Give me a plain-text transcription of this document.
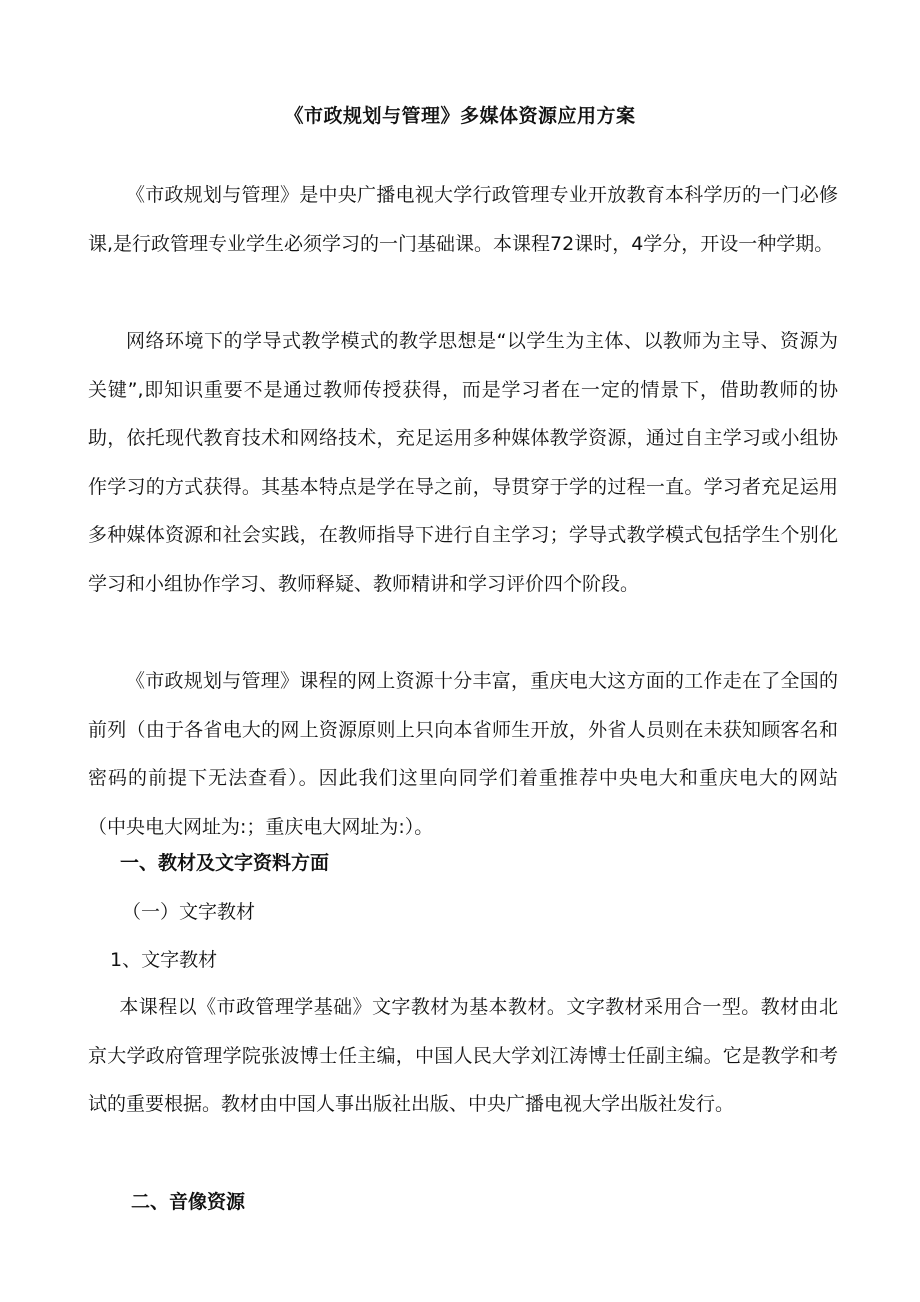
《市政规划与管理》多媒体资源应用方案

《市政规划与管理》是中央广播电视大学行政管理专业开放教育本科学历的一门必修课,是行政管理专业学生必须学习的一门基础课。本课程72课时，4学分，开设一种学期。

网络环境下的学导式教学模式的教学思想是“以学生为主体、以教师为主导、资源为关键”,即知识重要不是通过教师传授获得，而是学习者在一定的情景下，借助教师的协助，依托现代教育技术和网络技术，充足运用多种媒体教学资源，通过自主学习或小组协作学习的方式获得。其基本特点是学在导之前，导贯穿于学的过程一直。学习者充足运用多种媒体资源和社会实践，在教师指导下进行自主学习；学导式教学模式包括学生个别化学习和小组协作学习、教师释疑、教师精讲和学习评价四个阶段。

《市政规划与管理》课程的网上资源十分丰富，重庆电大这方面的工作走在了全国的前列（由于各省电大的网上资源原则上只向本省师生开放，外省人员则在未获知顾客名和密码的前提下无法查看）。因此我们这里向同学们着重推荐中央电大和重庆电大的网站（中央电大网址为:；重庆电大网址为:）。

一、教材及文字资料方面
（一）文字教材
1、文字教材

本课程以《市政管理学基础》文字教材为基本教材。文字教材采用合一型。教材由北京大学政府管理学院张波博士任主编，中国人民大学刘江涛博士任副主编。它是教学和考试的重要根据。教材由中国人事出版社出版、中央广播电视大学出版社发行。

二、音像资源
